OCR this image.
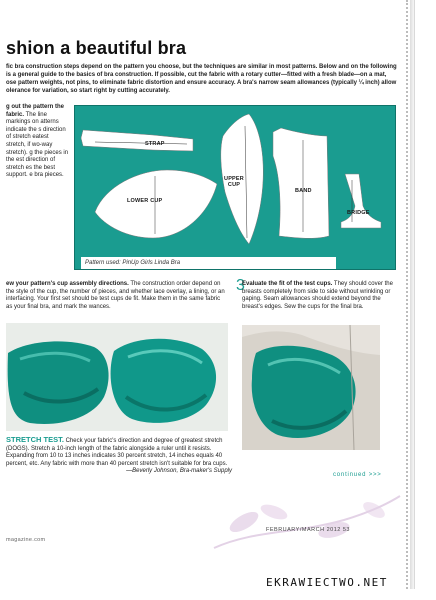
shion a beautiful bra
fic bra construction steps depend on the pattern you choose, but the techniques are similar in most patterns. Below and on the following is a general guide to the basics of bra construction. If possible, cut the fabric with a rotary cutter—fitted with a fresh blade—on a mat, ose pattern weights, not pins, to eliminate fabric distortion and ensure accuracy. A bra's narrow seam allowances (typically ¼ inch) allow olerance for variation, so start right by cutting accurately.
g out the pattern the fabric. The line markings on atterns indicate the s direction of stretch eatest stretch, if wo-way stretch). g the pieces in the est direction of stretch es the best support. e bra pieces.
STRAP
UPPER CUP
LOWER CUP
BAND
BRIDGE
Pattern used: PinUp Girls Linda Bra
ew your pattern's cup assembly directions. The construction order depend on the style of the cup, the number of pieces, and whether lace overlay, a lining, or an interfacing. Your first set should be test cups de fit. Make them in the same fabric as your final bra, and mark the wances.
3
Evaluate the fit of the test cups. They should cover the breasts completely from side to side without wrinkling or gaping. Seam allowances should extend beyond the breast's edges. Sew the cups for the final bra.
STRETCH TEST. Check your fabric's direction and degree of greatest stretch (DOGS). Stretch a 10-inch length of the fabric alongside a ruler until it resists. Expanding from 10 to 13 inches indicates 30 percent stretch, 14 inches equals 40 percent, etc. Any fabric with more than 40 percent stretch isn't suitable for bra cups.
—Beverly Johnson, Bra-maker's Supply
continued >>>
magazine.com
FEBRUARY/MARCH 2012 53
EKRAWIECTWO.NET
